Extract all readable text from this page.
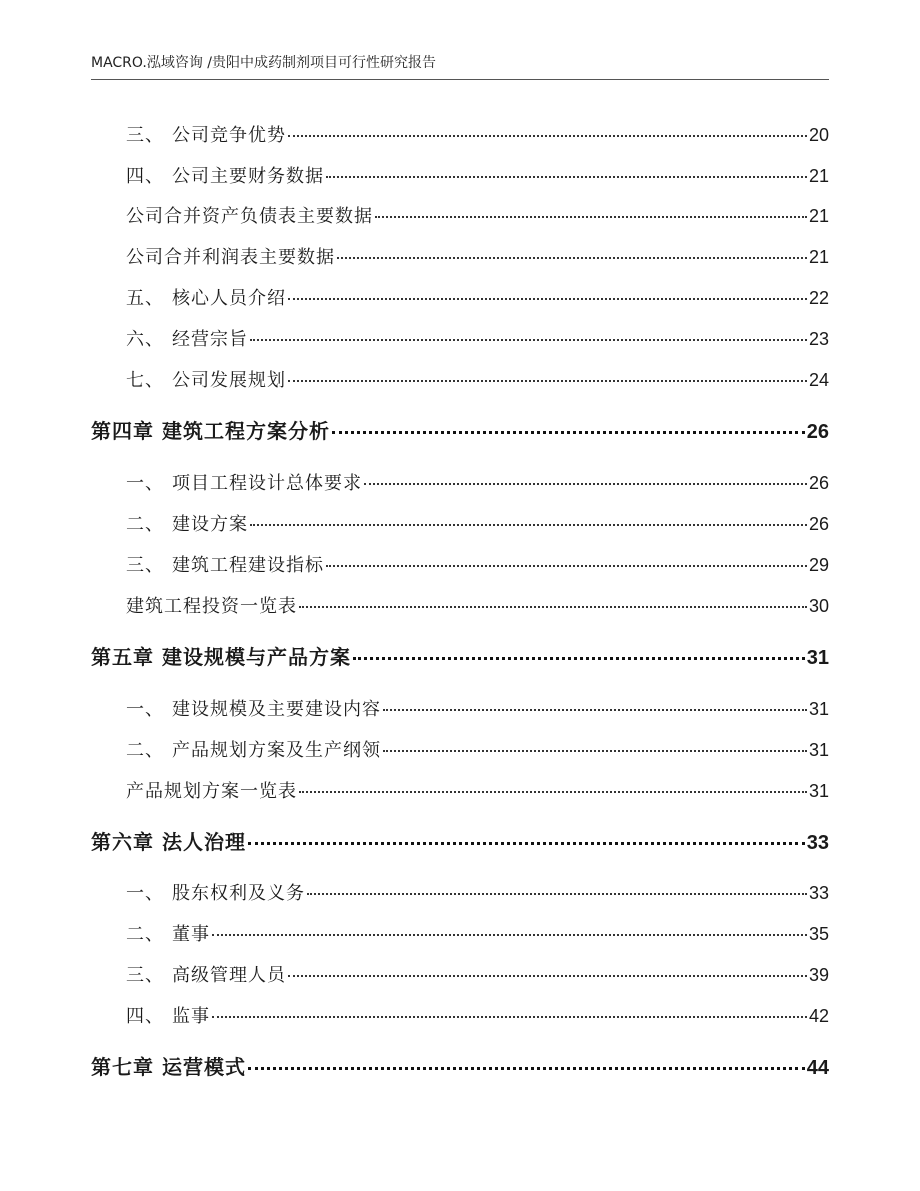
MACRO.泓域咨询 /贵阳中成药制剂项目可行性研究报告
三、 公司竞争优势	20
四、 公司主要财务数据	21
公司合并资产负债表主要数据	21
公司合并利润表主要数据	21
五、 核心人员介绍	22
六、 经营宗旨	23
七、 公司发展规划	24
第四章 建筑工程方案分析	26
一、 项目工程设计总体要求	26
二、 建设方案	26
三、 建筑工程建设指标	29
建筑工程投资一览表	30
第五章 建设规模与产品方案	31
一、 建设规模及主要建设内容	31
二、 产品规划方案及生产纲领	31
产品规划方案一览表	31
第六章 法人治理	33
一、 股东权利及义务	33
二、 董事	35
三、 高级管理人员	39
四、 监事	42
第七章 运营模式	44
